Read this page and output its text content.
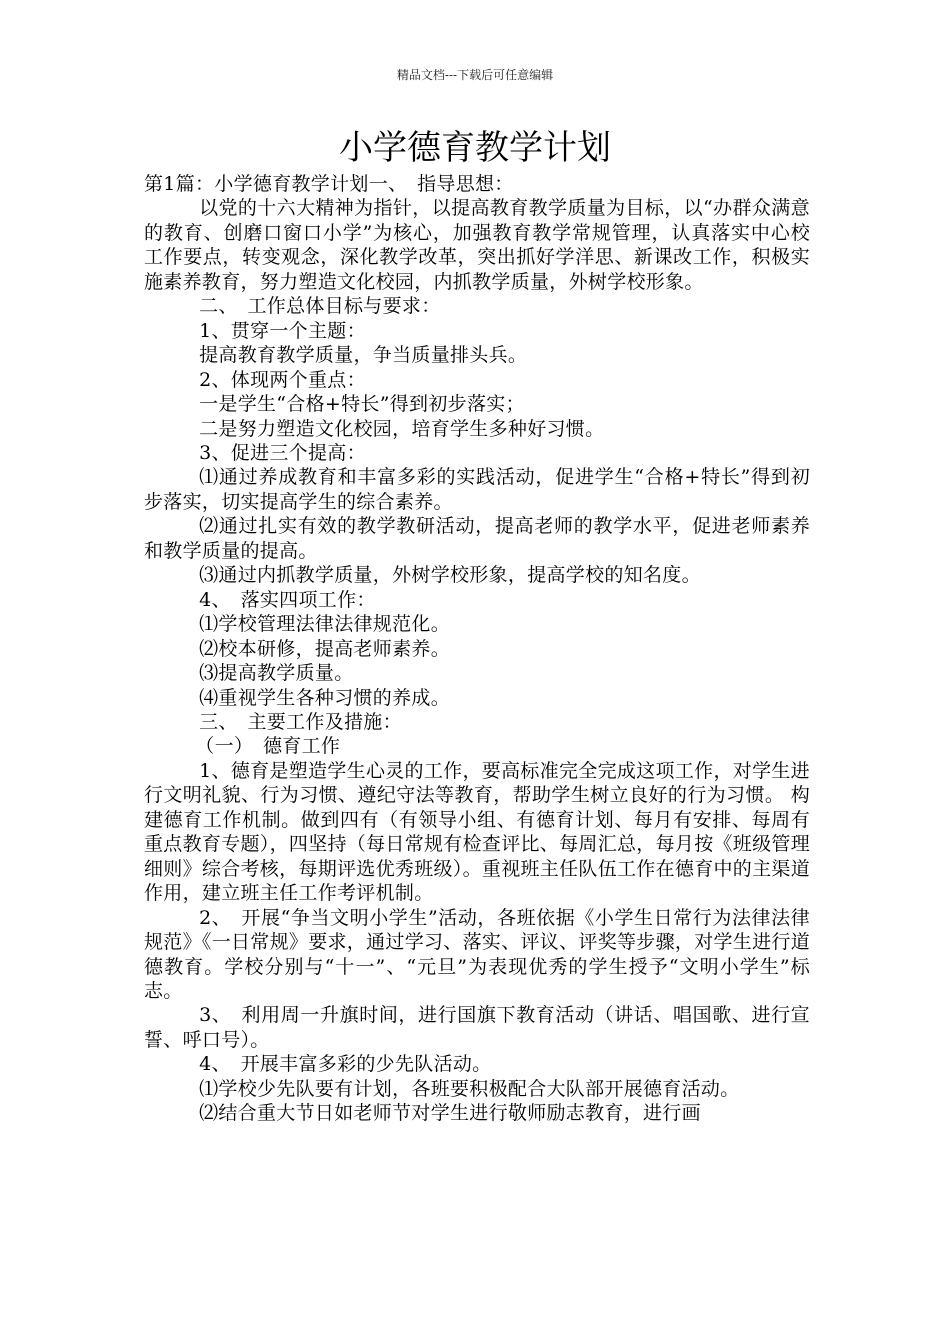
精品文档---下载后可任意编辑
小学德育教学计划

第1篇：小学德育教学计划一、　指导思想：

以党的十六大精神为指针，以提高教育教学质量为目标，以“办群众满意的教育、创磨口窗口小学”为核心，加强教育教学常规管理，认真落实中心校工作要点，转变观念，深化教学改革，突出抓好学洋思、新课改工作，积极实施素养教育，努力塑造文化校园，内抓教学质量，外树学校形象。

二、　工作总体目标与要求：

1、贯穿一个主题：

提高教育教学质量，争当质量排头兵。

2、体现两个重点：

一是学生“合格+特长”得到初步落实；

二是努力塑造文化校园，培育学生多种好习惯。

3、促进三个提高：

⑴通过养成教育和丰富多彩的实践活动，促进学生“合格+特长”得到初步落实，切实提高学生的综合素养。

⑵通过扎实有效的教学教研活动，提高老师的教学水平，促进老师素养和教学质量的提高。

⑶通过内抓教学质量，外树学校形象，提高学校的知名度。

4、　落实四项工作：

⑴学校管理法律法律规范化。

⑵校本研修，提高老师素养。

⑶提高教学质量。

⑷重视学生各种习惯的养成。

三、　主要工作及措施：

（一）　德育工作

1、德育是塑造学生心灵的工作，要高标准完全完成这项工作，对学生进行文明礼貌、行为习惯、遵纪守法等教育，帮助学生树立良好的行为习惯。 构建德育工作机制。做到四有（有领导小组、有德育计划、每月有安排、每周有重点教育专题），四坚持（每日常规有检查评比、每周汇总，每月按《班级管理细则》综合考核，每期评选优秀班级）。重视班主任队伍工作在德育中的主渠道作用，建立班主任工作考评机制。

2、　开展“争当文明小学生”活动，各班依据《小学生日常行为法律法律规范》《一日常规》要求，通过学习、落实、评议、评奖等步骤，对学生进行道德教育。学校分别与“十一”、“元旦”为表现优秀的学生授予“文明小学生”标志。

3、　利用周一升旗时间，进行国旗下教育活动（讲话、唱国歌、进行宣誓、呼口号）。

4、　开展丰富多彩的少先队活动。

⑴学校少先队要有计划，各班要积极配合大队部开展德育活动。

⑵结合重大节日如老师节对学生进行敬师励志教育，进行画
